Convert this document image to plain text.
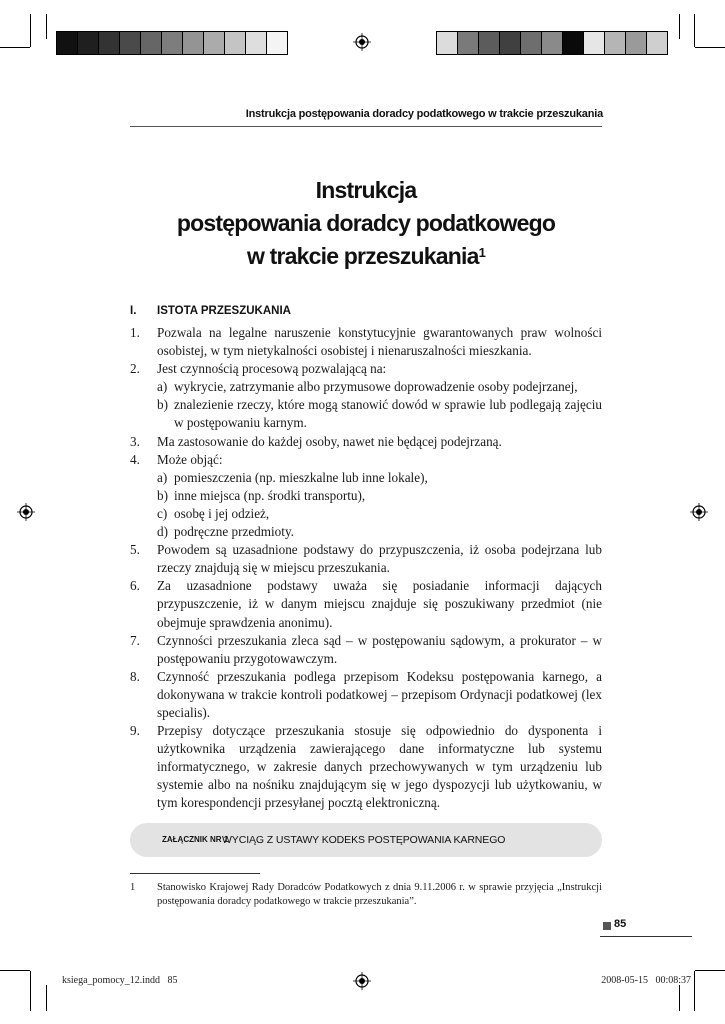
Instrukcja postępowania doradcy podatkowego w trakcie przeszukania
Instrukcja
postępowania doradcy podatkowego
w trakcie przeszukania$^1$
I. ISTOTA PRZESZUKANIA
1.	Pozwala na legalne naruszenie konstytucyjnie gwarantowanych praw wolności osobistej, w tym nietykalności osobistej i nienaruszalności mieszkania.
2.	Jest czynnością procesową pozwalającą na:
a) wykrycie, zatrzymanie albo przymusowe doprowadzenie osoby podejrzanej,
b) znalezienie rzeczy, które mogą stanowić dowód w sprawie lub podlegają zajęciu w postępowaniu karnym.
3.	Ma zastosowanie do każdej osoby, nawet nie będącej podejrzaną.
4.	Może objąć:
a) pomieszczenia (np. mieszkalne lub inne lokale),
b) inne miejsca (np. środki transportu),
c) osobę i jej odzież,
d) podręczne przedmioty.
5.	Powodem są uzasadnione podstawy do przypuszczenia, iż osoba podejrzana lub rzeczy znajdują się w miejscu przeszukania.
6.	Za uzasadnione podstawy uważa się posiadanie informacji dających przypuszczenie, iż w danym miejscu znajduje się poszukiwany przedmiot (nie obejmuje sprawdzenia anonimu).
7.	Czynności przeszukania zleca sąd – w postępowaniu sądowym, a prokurator – w postępowaniu przygotowawczym.
8.	Czynność przeszukania podlega przepisom Kodeksu postępowania karnego, a dokonywana w trakcie kontroli podatkowej – przepisom Ordynacji podatkowej (lex specialis).
9.	Przepisy dotyczące przeszukania stosuje się odpowiednio do dysponenta i użytkownika urządzenia zawierającego dane informatyczne lub systemu informatycznego, w zakresie danych przechowywanych w tym urządzeniu lub systemie albo na nośniku znajdującym się w jego dyspozycji lub użytkowaniu, w tym korespondencji przesyłanej pocztą elektroniczną.
ZAŁĄCZNIK NR 1
WYCIĄG Z USTAWY KODEKS POSTĘPOWANIA KARNEGO
1	Stanowisko Krajowej Rady Doradców Podatkowych z dnia 9.11.2006 r. w sprawie przyjęcia „Instrukcji postępowania doradcy podatkowego w trakcie przeszukania”.
85
ksiega_pomocy_12.indd   85	2008-05-15   00:08:37
